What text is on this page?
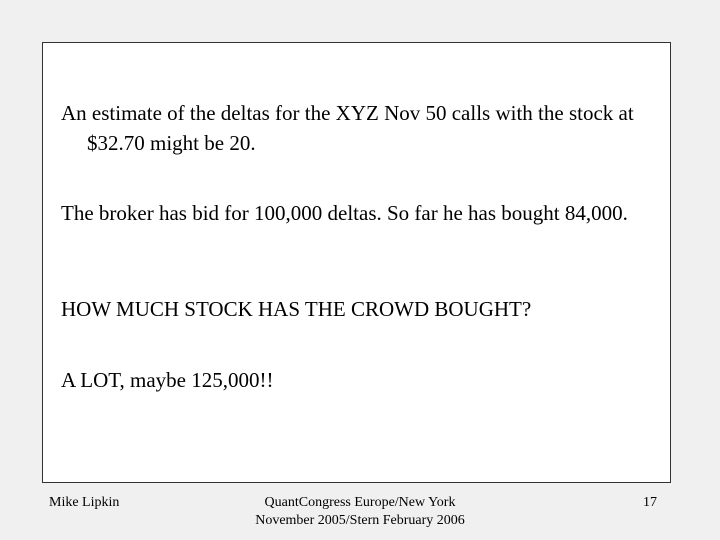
An estimate of the deltas for the XYZ Nov 50 calls with the stock at $32.70 might be 20.

The broker has bid for 100,000 deltas. So far he has bought 84,000.

HOW MUCH STOCK HAS THE CROWD BOUGHT?

A LOT, maybe 125,000!!

Mike Lipkin	QuantCongress Europe/New York
November 2005/Stern February 2006
17
